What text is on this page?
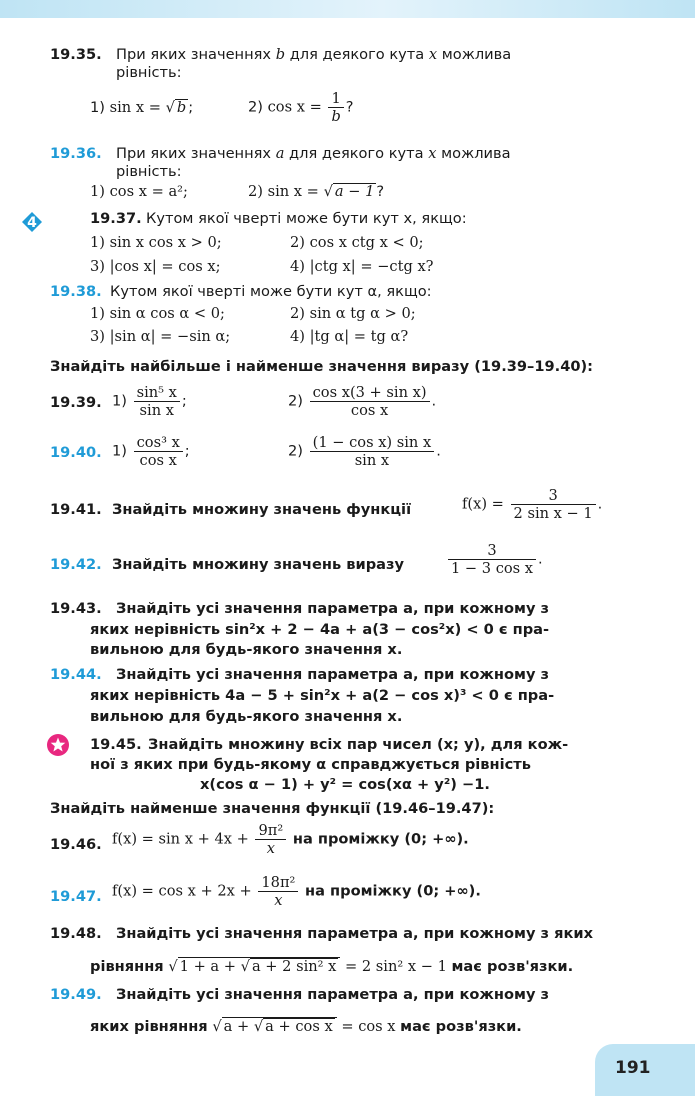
19.35. При яких значеннях b для деякого кута x можлива
рівність:
1) sin x = √ b ;	2) $\cos x = \frac{1}{b}$ ?
19.36. При яких значеннях a для деякого кута x можлива
рівність:
1) cos x = a²;	2) sin x = √ a − 1 ?
4	19.37. Кутом якої чверті може бути кут x, якщо:
1) sin x cos x > 0;	2) cos x ctg x < 0;
3) |cos x| = cos x;	4) |ctg x| = −ctg x?
19.38. Кутом якої чверті може бути кут α, якщо:
1) sin α cos α < 0;	2) sin α tg α > 0;
3) |sin α| = −sin α;	4) |tg α| = tg α?
Знайдіть найбільше і найменше значення виразу (19.39–19.40):
19.39. $1) \frac{\text{sin⁵ x}}{\text{sin x}}$ ;	$2) \frac{\text{cos x(3 + sin x)}}{\text{cos x}}$ .
19.40. $1) \frac{\text{cos³ x}}{\text{cos x}}$ ;	$2) \frac{\text{(1 − cos x) sin x}}{\text{sin x}}$ .
19.41. Знайдіть множину значень функції	$f(x) = \frac{3}{\text{2 sin x − 1}}$ .
19.42. Знайдіть множину значень виразу	$\frac{3}{\text{1 − 3 cos x}}$ .
19.43. Знайдіть усі значення параметра a, при кожному з
яких нерівність sin²x + 2 − 4a + a(3 − cos²x) < 0 є пра-
вильною для будь-якого значення x.
19.44. Знайдіть усі значення параметра a, при кожному з
яких нерівність 4a − 5 + sin²x + a(2 − cos x)³ < 0 є пра-
вильною для будь-якого значення x.
19.45. Знайдіть множину всіх пар чисел (x; y), для кож-
ної з яких при будь-якому α справджується рівність
x(cos α − 1) + y² = cos(xα + y²) −1.
Знайдіть найменше значення функції (19.46–19.47):
19.46. $f(x) = \sin x + 4x + \frac{\text{9π²}}{x}$ на проміжку (0; +∞).
19.47. $f(x) = \cos x + 2x + \frac{\text{18π²}}{x}$ на проміжку (0; +∞).
19.48. Знайдіть усі значення параметра a, при кожному з яких
рівняння √ 1 + a + √ a + 2 sin² x = 2 sin² x − 1 має розв'язки.
19.49. Знайдіть усі значення параметра a, при кожному з
яких рівняння √ a + √ a + cos x = cos x має розв'язки.
191
